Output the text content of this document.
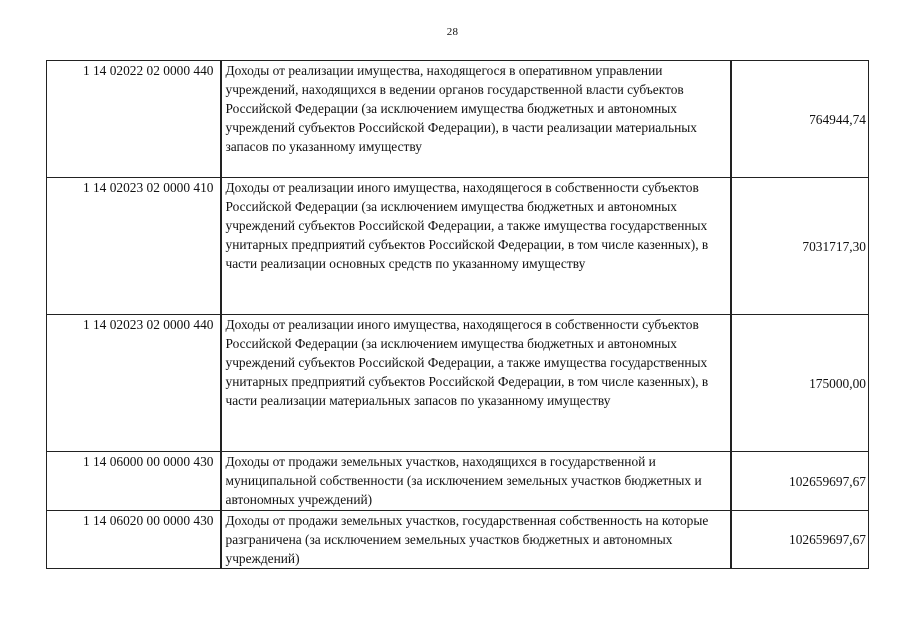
28
1 14 02022 02 0000 440	Доходы от реализации имущества, находящегося в оперативном управлении учреждений, находящихся в ведении органов государственной власти субъектов Российской Федерации (за исключением имущества бюджетных и автономных учреждений субъектов Российской Федерации), в части реализации материальных запасов по указанному имуществу	764944,74
1 14 02023 02 0000 410	Доходы от реализации иного имущества, находящегося в собственности субъектов Российской Федерации (за исключением имущества бюджетных и автономных учреждений субъектов Российской Федерации, а также имущества государственных унитарных предприятий субъектов Российской Федерации, в том числе казенных), в части реализации основных средств по указанному имуществу	7031717,30
1 14 02023 02 0000 440	Доходы от реализации иного имущества, находящегося в собственности субъектов Российской Федерации (за исключением имущества бюджетных и автономных учреждений субъектов Российской Федерации, а также имущества государственных унитарных предприятий субъектов Российской Федерации, в том числе казенных), в части реализации материальных запасов по указанному имуществу	175000,00
1 14 06000 00 0000 430	Доходы от продажи земельных участков, находящихся в государственной и муниципальной собственности (за исключением земельных участков бюджетных и автономных учреждений)	102659697,67
1 14 06020 00 0000 430	Доходы от продажи земельных участков, государственная собственность на которые разграничена (за исключением земельных участков бюджетных и автономных учреждений)	102659697,67
